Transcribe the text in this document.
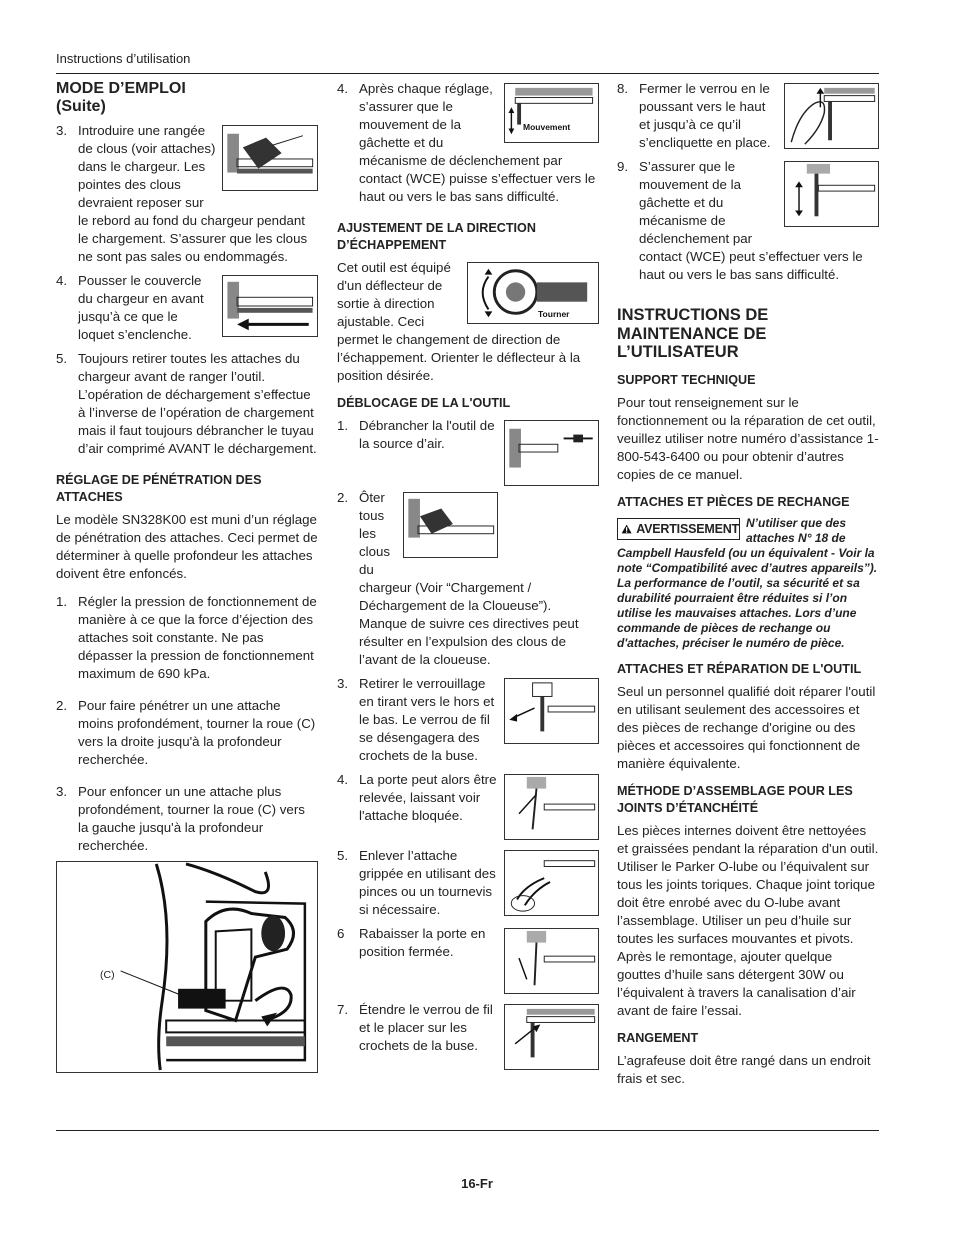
Instructions d’utilisation
MODE D’EMPLOI
(Suite)
3. Introduire une rangée de clous (voir attaches) dans le chargeur. Les pointes des clous devraient reposer sur le rebord au fond du chargeur pendant le chargement. S’assurer que les clous ne sont pas sales ou endommagés.
4. Pousser le couvercle du chargeur en avant jusqu’à ce que le loquet s’enclenche.
5. Toujours retirer toutes les attaches du chargeur avant de ranger l’outil. L’opération de déchargement s’effectue à l’inverse de l’opération de chargement mais il faut toujours débrancher le tuyau d’air comprimé AVANT le déchargement.
RÉGLAGE DE PÉNÉTRATION DES ATTACHES

Le modèle SN328K00 est muni d’un réglage de pénétration des attaches. Ceci permet de déterminer à quelle profondeur les attaches doivent être enfoncés.

1. Régler la pression de fonctionnement de manière à ce que la force d’éjection des attaches soit constante. Ne pas dépasser la pression de fonctionnement maximum de 690 kPa.
2. Pour faire pénétrer un une attache moins profondément, tourner la roue (C) vers la droite jusqu'à la profondeur recherchée.
3. Pour enfoncer un une attache plus profondément, tourner la roue (C) vers la gauche jusqu'à la profondeur recherchée.
(C)
4.
Mouvement
Après chaque réglage, s’assurer que le mouvement de la gâchette et du mécanisme de déclenchement par contact (WCE) puisse s’effectuer vers le haut ou vers le bas sans difficulté.
AJUSTEMENT DE LA DIRECTION D’ÉCHAPPEMENT
Tourner

Cet outil est équipé d'un déflecteur de sortie à direction ajustable. Ceci permet le changement de direction de l’échappement. Orienter le déflecteur à la position désirée.

DÉBLOCAGE DE LA L'OUTIL
1. Débrancher la l'outil de la source d’air.
2. Ôter tous les clous du chargeur (Voir “Chargement / Déchargement de la Cloueuse”). Manque de suivre ces directives peut résulter en l’expulsion des clous de l’avant de la cloueuse.
3. Retirer le verrouillage en tirant vers le hors et le bas. Le verrou de fil se désengagera des crochets de la buse.
4. La porte peut alors être relevée, laissant voir l'attache bloquée.
5. Enlever l’attache grippée en utilisant des pinces ou un tournevis si nécessaire.
6 Rabaisser la porte en position fermée.
7. Étendre le verrou de fil et le placer sur les crochets de la buse.
8. Fermer le verrou en le poussant vers le haut et jusqu’à ce qu’il s’encliquette en place.
9. S’assurer que le mouvement de la gâchette et du mécanisme de déclenchement par contact (WCE) peut s’effectuer vers le haut ou vers le bas sans difficulté.
INSTRUCTIONS DE MAINTENANCE DE L’UTILISATEUR
SUPPORT TECHNIQUE

Pour tout renseignement sur le fonctionnement ou la réparation de cet outil, veuillez utiliser notre numéro d’assistance 1-800-543-6400 ou pour obtenir d’autres copies de ce manuel.

ATTACHES ET PIÈCES DE RECHANGE
AVERTISSEMENT N’utiliser que des attaches N° 18 de Campbell Hausfeld (ou un équivalent - Voir la note “Compatibilité avec d’autres appareils”). La performance de l’outil, sa sécurité et sa durabilité pourraient être réduites si l’on utilise les mauvaises attaches. Lors d’une commande de pièces de rechange ou d'attaches, préciser le numéro de pièce.

ATTACHES ET RÉPARATION DE L'OUTIL

Seul un personnel qualifié doit réparer l'outil en utilisant seulement des accessoires et des pièces de rechange d'origine ou des pièces et accessoires qui fonctionnent de manière équivalente.

MÉTHODE D’ASSEMBLAGE POUR LES JOINTS D’ÉTANCHÉITÉ

Les pièces internes doivent être nettoyées et graissées pendant la réparation d'un outil. Utiliser le Parker O-lube ou l’équivalent sur tous les joints toriques. Chaque joint torique doit être enrobé avec du O-lube avant l’assemblage. Utiliser un peu d’huile sur toutes les surfaces mouvantes et pivots. Après le remontage, ajouter quelque gouttes d’huile sans détergent 30W ou l’équivalent à travers la canalisation d’air avant de faire l’essai.

RANGEMENT

L’agrafeuse doit être rangé dans un endroit frais et sec.

16-Fr
